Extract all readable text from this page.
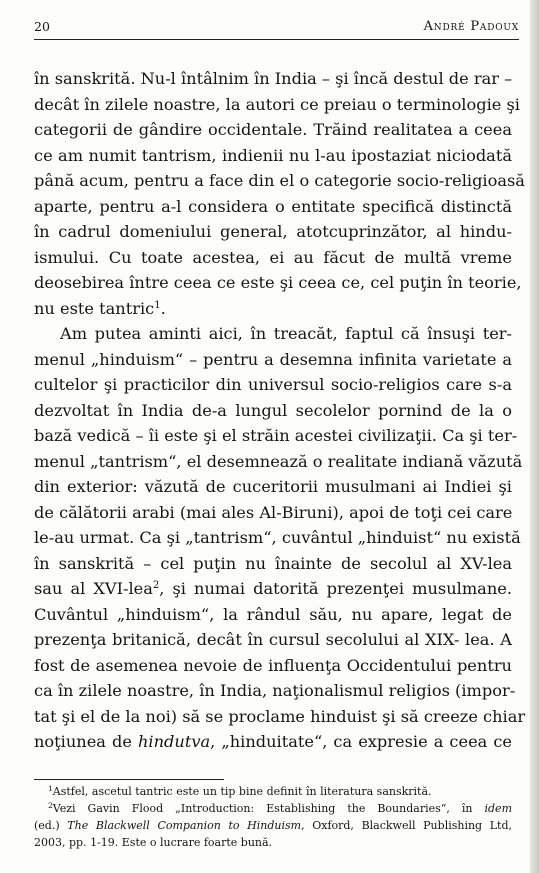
20	André Padoux
în sanskrită. Nu-l întâlnim în India – şi încă destul de rar –
decât în zilele noastre, la autori ce preiau o terminologie şi
categorii de gândire occidentale. Trăind realitatea a ceea
ce am numit tantrism, indienii nu l-au ipostaziat niciodată
până acum, pentru a face din el o categorie socio-religioasă
aparte, pentru a-l considera o entitate specifică distinctă
în cadrul domeniului general, atotcuprinzător, al hindu-
ismului. Cu toate acestea, ei au făcut de multă vreme
deosebirea între ceea ce este şi ceea ce, cel puţin în teorie,
nu este tantric$^1$.
Am putea aminti aici, în treacăt, faptul că însuşi ter-
menul „hinduism“ – pentru a desemna infinita varietate a
cultelor şi practicilor din universul socio-religios care s-a
dezvoltat în India de-a lungul secolelor pornind de la o
bază vedică – îi este şi el străin acestei civilizaţii. Ca şi ter-
menul „tantrism“, el desemnează o realitate indiană văzută
din exterior: văzută de cuceritorii musulmani ai Indiei şi
de călătorii arabi (mai ales Al-Biruni), apoi de toţi cei care
le-au urmat. Ca şi „tantrism“, cuvântul „hinduist“ nu există
în sanskrită – cel puţin nu înainte de secolul al XV-lea
sau al XVI-lea$^2$, şi numai datorită prezenţei musulmane.
Cuvântul „hinduism“, la rândul său, nu apare, legat de
prezenţa britanică, decât în cursul secolului al XIX- lea. A
fost de asemenea nevoie de influenţa Occidentului pentru
ca în zilele noastre, în India, naţionalismul religios (impor-
tat şi el de la noi) să se proclame hinduist şi să creeze chiar
noţiunea de hindutva, „hinduitate“, ca expresie a ceea ce
$^1$Astfel, ascetul tantric este un tip bine definit în literatura sanskrită.
$^2$Vezi Gavin Flood „Introduction: Establishing the Boundaries“, în idem
(ed.) The Blackwell Companion to Hinduism, Oxford, Blackwell Publishing Ltd,
2003, pp. 1-19. Este o lucrare foarte bună.
